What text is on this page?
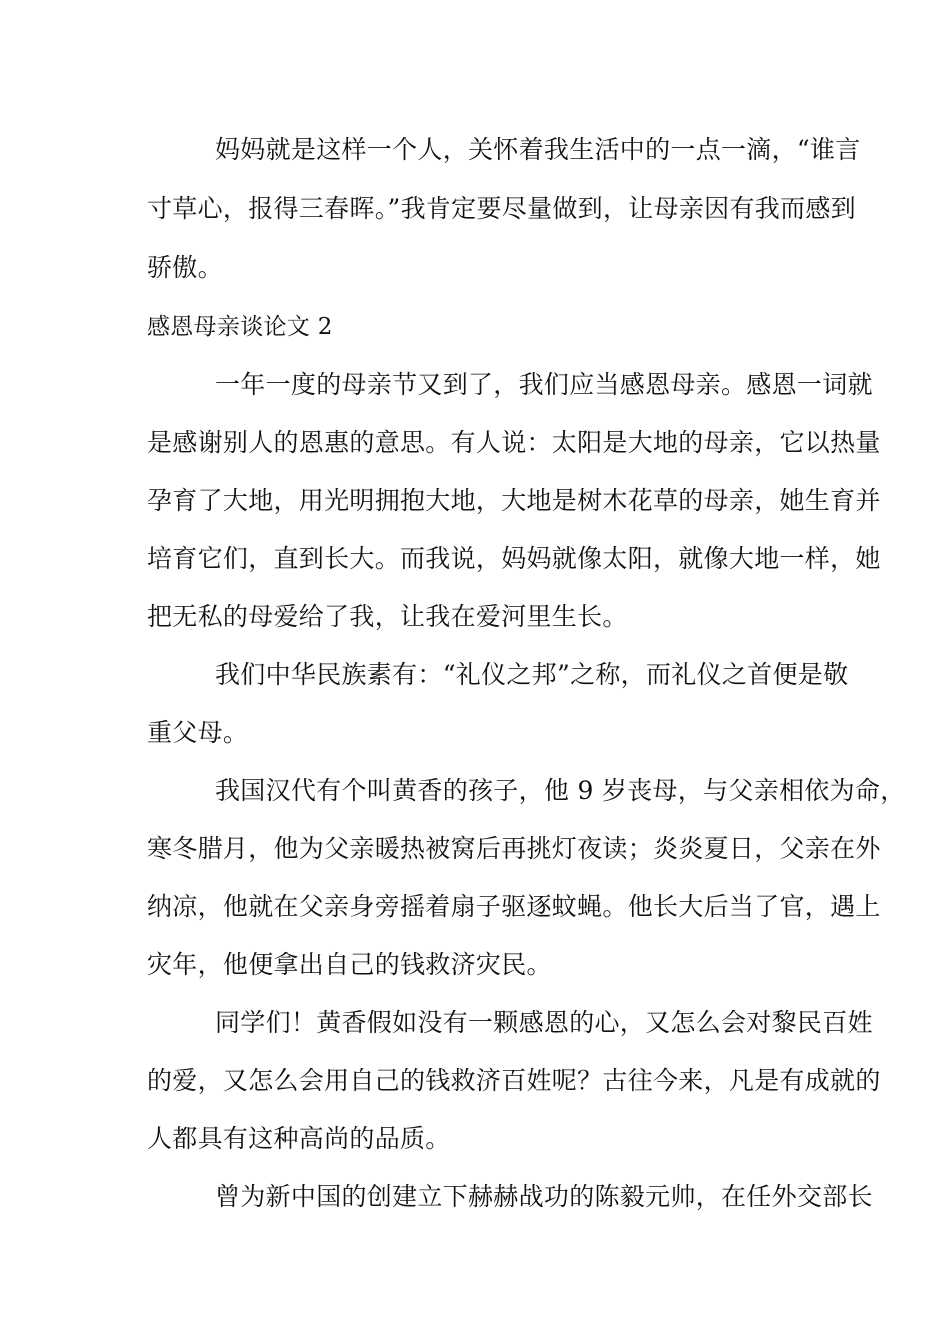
妈妈就是这样一个人，关怀着我生活中的一点一滴，“谁言
寸草心，报得三春晖。”我肯定要尽量做到，让母亲因有我而感到
骄傲。
感恩母亲谈论文 2
一年一度的母亲节又到了，我们应当感恩母亲。感恩一词就
是感谢别人的恩惠的意思。有人说：太阳是大地的母亲，它以热量
孕育了大地，用光明拥抱大地，大地是树木花草的母亲，她生育并
培育它们，直到长大。而我说，妈妈就像太阳，就像大地一样，她
把无私的母爱给了我，让我在爱河里生长。
我们中华民族素有：“礼仪之邦”之称，而礼仪之首便是敬
重父母。
我国汉代有个叫黄香的孩子，他 9 岁丧母，与父亲相依为命，
寒冬腊月，他为父亲暖热被窝后再挑灯夜读；炎炎夏日，父亲在外
纳凉，他就在父亲身旁摇着扇子驱逐蚊蝇。他长大后当了官，遇上
灾年，他便拿出自己的钱救济灾民。
同学们！黄香假如没有一颗感恩的心，又怎么会对黎民百姓
的爱，又怎么会用自己的钱救济百姓呢？古往今来，凡是有成就的
人都具有这种高尚的品质。
曾为新中国的创建立下赫赫战功的陈毅元帅，在任外交部长
